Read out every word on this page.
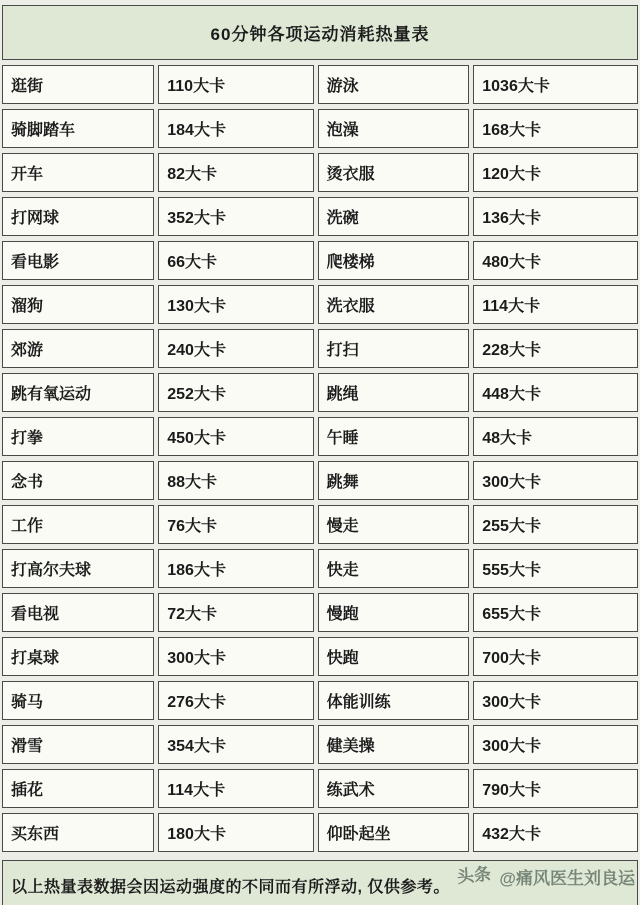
60分钟各项运动消耗热量表
逛街	110大卡	游泳	1036大卡
骑脚踏车	184大卡	泡澡	168大卡
开车	82大卡	烫衣服	120大卡
打网球	352大卡	洗碗	136大卡
看电影	66大卡	爬楼梯	480大卡
溜狗	130大卡	洗衣服	114大卡
郊游	240大卡	打扫	228大卡
跳有氧运动	252大卡	跳绳	448大卡
打拳	450大卡	午睡	48大卡
念书	88大卡	跳舞	300大卡
工作	76大卡	慢走	255大卡
打高尔夫球	186大卡	快走	555大卡
看电视	72大卡	慢跑	655大卡
打桌球	300大卡	快跑	700大卡
骑马	276大卡	体能训练	300大卡
滑雪	354大卡	健美操	300大卡
插花	114大卡	练武术	790大卡
买东西	180大卡	仰卧起坐	432大卡
以上热量表数据会因运动强度的不同而有所浮动, 仅供参考。
头条 @痛风医生刘良运
